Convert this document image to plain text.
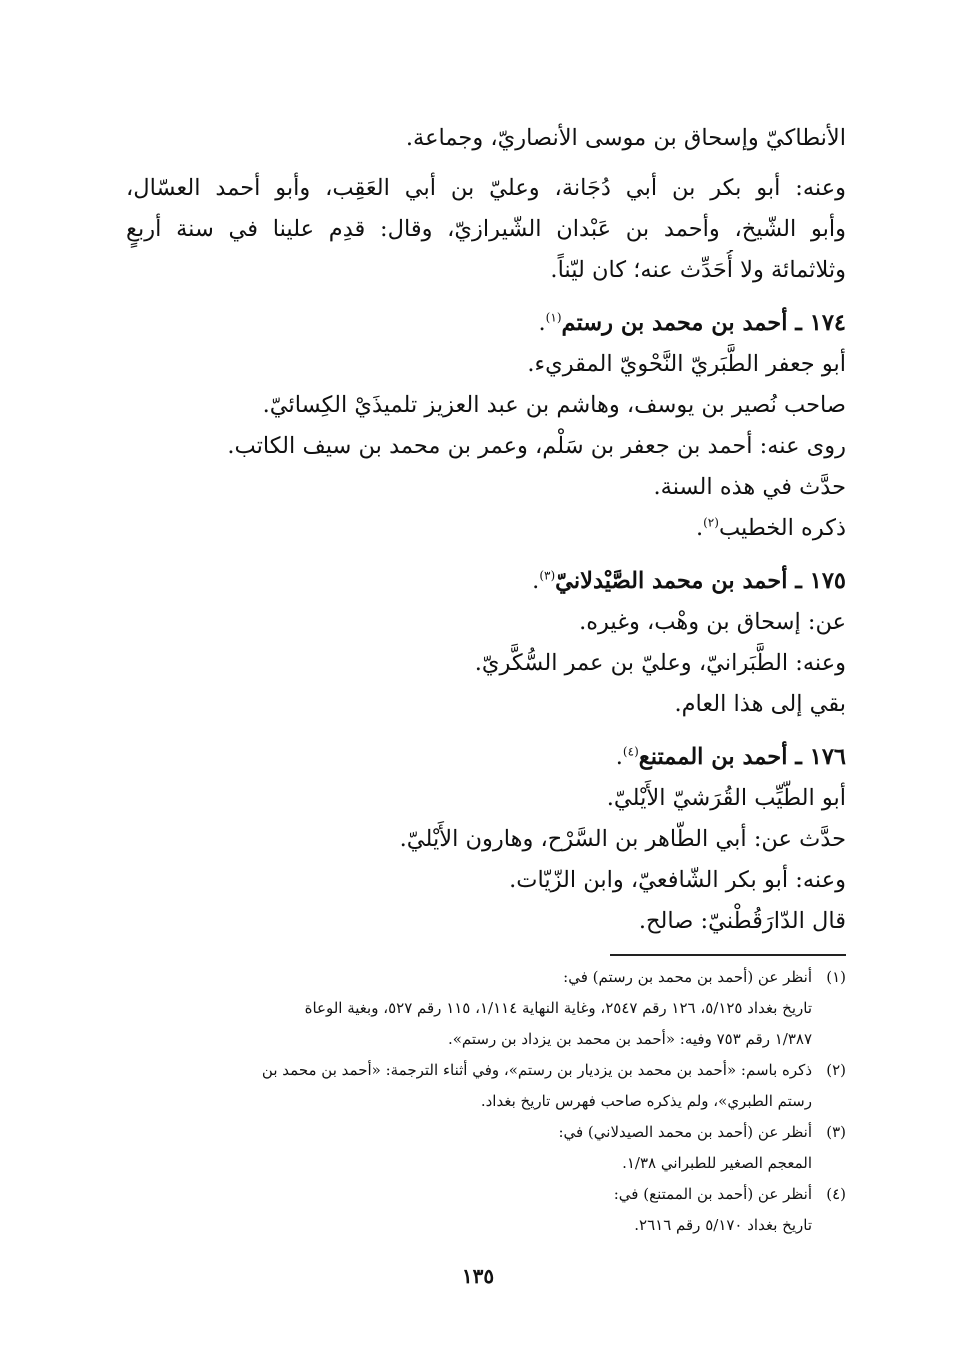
الأنطاكيّ وإسحاق بن موسى الأنصاريّ، وجماعة.
وعنه: أبو بكر بن أبي دُجَانة، وعليّ بن أبي العَقِب، وأبو أحمد العسّال،
وأبو الشّيخ، وأحمد بن عَبْدان الشّيرازيّ، وقال: قدِم علينا في سنة أربعٍ
وثلاثمائة ولا أُحَدِّث عنه؛ كان ليّناً.
١٧٤ ـ أحمد بن محمد بن رستم$^{(١)}$.
أبو جعفر الطَّبَريّ النَّحْويّ المقريء.
صاحب نُصير بن يوسف، وهاشم بن عبد العزيز تلميذَيْ الكِسائيّ.
روى عنه: أحمد بن جعفر بن سَلْم، وعمر بن محمد بن سيف الكاتب.
حدَّث في هذه السنة.
ذكره الخطيب$^{(٢)}$.
١٧٥ ـ أحمد بن محمد الصَّيْدلانيّ$^{(٣)}$.
عن: إسحاق بن وهْب، وغيره.
وعنه: الطَّبَرانيّ، وعليّ بن عمر السُّكَّريّ.
بقي إلى هذا العام.
١٧٦ ـ أحمد بن الممتنع$^{(٤)}$.
أبو الطّيِّب القُرَشيّ الأَيْليّ.
حدَّث عن: أبي الطّاهر بن السَّرْح، وهارون الأَيْليّ.
وعنه: أبو بكر الشّافعيّ، وابن الزّيّات.
قال الدّارَقُطْنيّ: صالح.
(١)
أنظر عن (أحمد بن محمد بن رستم) في:
تاريخ بغداد ٥/١٢٥، ١٢٦ رقم ٢٥٤٧، وغاية النهاية ١/١١٤، ١١٥ رقم ٥٢٧، وبغية الوعاة
١/٣٨٧ رقم ٧٥٣ وفيه: «أحمد بن محمد بن يزداد بن رستم».
(٢)
ذكره باسم: «أحمد بن محمد بن يزديار بن رستم»، وفي أثناء الترجمة: «أحمد بن محمد بن
رستم الطبري»، ولم يذكره صاحب فهرس تاريخ بغداد.
(٣)
أنظر عن (أحمد بن محمد الصيدلاني) في:
المعجم الصغير للطبراني ١/٣٨.
(٤)
أنظر عن (أحمد بن الممتنع) في:
تاريخ بغداد ٥/١٧٠ رقم ٢٦١٦.
١٣٥
